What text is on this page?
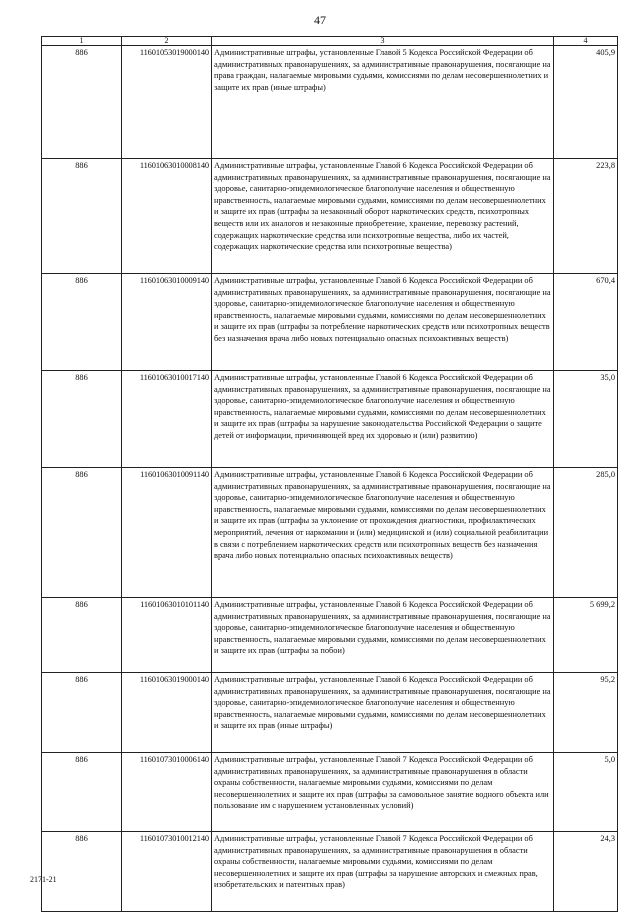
47
1	2	3	4
886	11601053019000140	Административные штрафы, установленные Главой 5 Кодекса Российской Федерации об административных правонарушениях, за административные правонарушения, посягающие на права граждан, налагаемые мировыми судьями, комиссиями по делам несовершеннолетних и защите их прав (иные штрафы)	405,9
886	11601063010008140	Административные штрафы, установленные Главой 6 Кодекса Российской Федерации об административных правонарушениях, за административные правонарушения, посягающие на здоровье, санитарно-эпидемиологическое благополучие населения и общественную нравственность, налагаемые мировыми судьями, комиссиями по делам несовершеннолетних и защите их прав (штрафы за незаконный оборот наркотических средств, психотропных веществ или их аналогов и незаконные приобретение, хранение, перевозку растений, содержащих наркотические средства или психотропные вещества, либо их частей, содержащих наркотические средства или психотропные вещества)	223,8
886	11601063010009140	Административные штрафы, установленные Главой 6 Кодекса Российской Федерации об административных правонарушениях, за административные правонарушения, посягающие на здоровье, санитарно-эпидемиологическое благополучие населения и общественную нравственность, налагаемые мировыми судьями, комиссиями по делам несовершеннолетних и защите их прав (штрафы за потребление наркотических средств или психотропных веществ без назначения врача либо новых потенциально опасных психоактивных веществ)	670,4
886	11601063010017140	Административные штрафы, установленные Главой 6 Кодекса Российской Федерации об административных правонарушениях, за административные правонарушения, посягающие на здоровье, санитарно-эпидемиологическое благополучие населения и общественную нравственность, налагаемые мировыми судьями, комиссиями по делам несовершеннолетних и защите их прав (штрафы за нарушение законодательства Российской Федерации о защите детей от информации, причиняющей вред их здоровью и (или) развитию)	35,0
886	11601063010091140	Административные штрафы, установленные Главой 6 Кодекса Российской Федерации об административных правонарушениях, за административные правонарушения, посягающие на здоровье, санитарно-эпидемиологическое благополучие населения и общественную нравственность, налагаемые мировыми судьями, комиссиями по делам несовершеннолетних и защите их прав (штрафы за уклонение от прохождения диагностики, профилактических мероприятий, лечения от наркомании и (или) медицинской и (или) социальной реабилитации в связи с потреблением наркотических средств или психотропных веществ без назначения врача либо новых потенциально опасных психоактивных веществ)	285,0
886	11601063010101140	Административные штрафы, установленные Главой 6 Кодекса Российской Федерации об административных правонарушениях, за административные правонарушения, посягающие на здоровье, санитарно-эпидемиологическое благополучие населения и общественную нравственность, налагаемые мировыми судьями, комиссиями по делам несовершеннолетних и защите их прав (штрафы за побои)	5 699,2
886	11601063019000140	Административные штрафы, установленные Главой 6 Кодекса Российской Федерации об административных правонарушениях, за административные правонарушения, посягающие на здоровье, санитарно-эпидемиологическое благополучие населения и общественную нравственность, налагаемые мировыми судьями, комиссиями по делам несовершеннолетних и защите их прав (иные штрафы)	95,2
886	11601073010006140	Административные штрафы, установленные Главой 7 Кодекса Российской Федерации об административных правонарушениях, за административные правонарушения в области охраны собственности, налагаемые мировыми судьями, комиссиями по делам несовершеннолетних и защите их прав (штрафы за самовольное занятие водного объекта или пользование им с нарушением установленных условий)	5,0
886	11601073010012140	Административные штрафы, установленные Главой 7 Кодекса Российской Федерации об административных правонарушениях, за административные правонарушения в области охраны собственности, налагаемые мировыми судьями, комиссиями по делам несовершеннолетних и защите их прав (штрафы за нарушение авторских и смежных прав, изобретательских и патентных прав)	24,3
2171-21
